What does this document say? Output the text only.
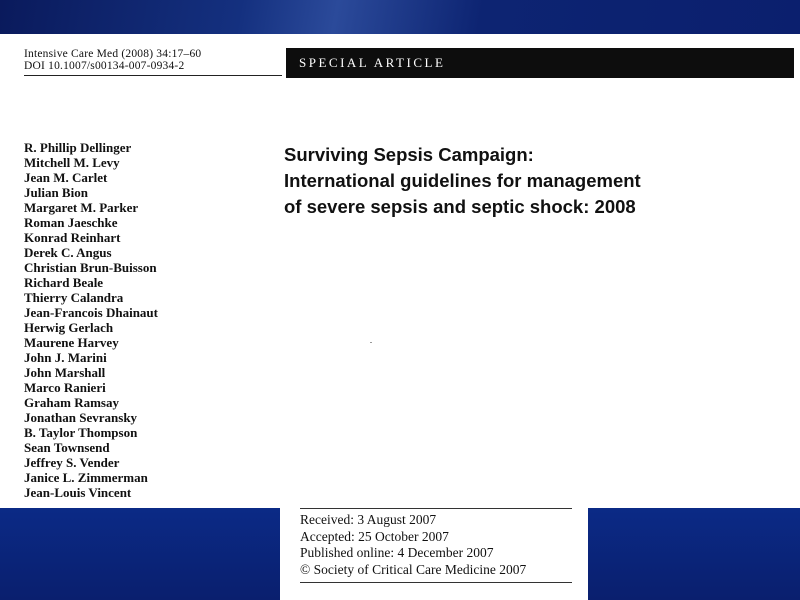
Intensive Care Med (2008) 34:17–60
DOI 10.1007/s00134-007-0934-2	SPECIAL ARTICLE
R. Phillip Dellinger
Mitchell M. Levy
Jean M. Carlet
Julian Bion
Margaret M. Parker
Roman Jaeschke
Konrad Reinhart
Derek C. Angus
Christian Brun-Buisson
Richard Beale
Thierry Calandra
Jean-Francois Dhainaut
Herwig Gerlach
Maurene Harvey
John J. Marini
John Marshall
Marco Ranieri
Graham Ramsay
Jonathan Sevransky
B. Taylor Thompson
Sean Townsend
Jeffrey S. Vender
Janice L. Zimmerman
Jean-Louis Vincent
Surviving Sepsis Campaign:
International guidelines for management
of severe sepsis and septic shock: 2008
Received: 3 August 2007
Accepted: 25 October 2007
Published online: 4 December 2007
© Society of Critical Care Medicine 2007
